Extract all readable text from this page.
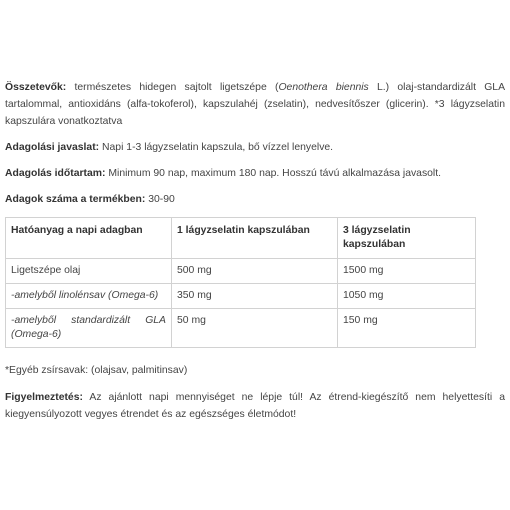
Összetevők: természetes hidegen sajtolt ligetszépe (Oenothera biennis L.) olaj-standardizált GLA tartalommal, antioxidáns (alfa-tokoferol), kapszulahéj (zselatin), nedvesítőszer (glicerin). *3 lágyzselatin kapszulára vonatkoztatva

Adagolási javaslat: Napi 1-3 lágyzselatin kapszula, bő vízzel lenyelve.

Adagolás időtartam: Minimum 90 nap, maximum 180 nap. Hosszú távú alkalmazása javasolt.

Adagok száma a termékben: 30-90

Hatóanyag a napi adagban	1 lágyzselatin kapszulában	3 lágyzselatin kapszulában
Ligetszépe olaj	500 mg	1500 mg
-amelyből linolénsav (Omega-6)	350 mg	1050 mg
-amelyből standardizált GLA (Omega-6)	50 mg	150 mg

*Egyéb zsírsavak: (olajsav, palmitinsav)

Figyelmeztetés: Az ajánlott napi mennyiséget ne lépje túl! Az étrend-kiegészítő nem helyettesíti a kiegyensúlyozott vegyes étrendet és az egészséges életmódot!
